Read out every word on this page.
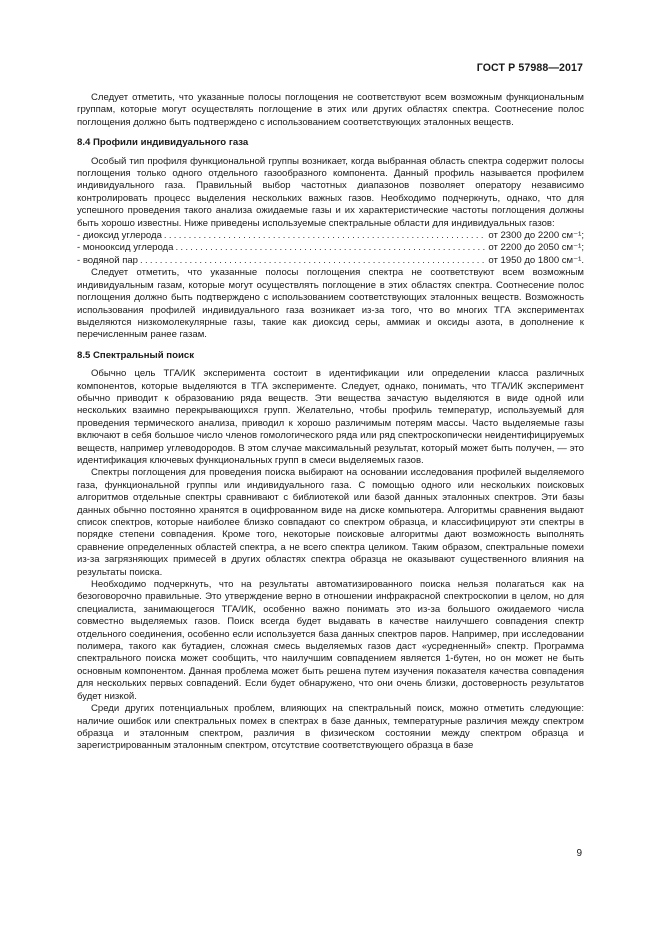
ГОСТ Р 57988—2017

Следует отметить, что указанные полосы поглощения не соответствуют всем возможным функциональным группам, которые могут осуществлять поглощение в этих или других областях спектра. Соотнесение полос поглощения должно быть подтверждено с использованием соответствующих эталонных веществ.

8.4 Профили индивидуального газа

Особый тип профиля функциональной группы возникает, когда выбранная область спектра содержит полосы поглощения только одного отдельного газообразного компонента. Данный профиль называется профилем индивидуального газа. Правильный выбор частотных диапазонов позволяет оператору независимо контролировать процесс выделения нескольких важных газов. Необходимо подчеркнуть, однако, что для успешного проведения такого анализа ожидаемые газы и их характеристические частоты поглощения должны быть хорошо известны. Ниже приведены используемые спектральные области для индивидуальных газов:

- диоксид углерода .....	от 2300 до 2200 см⁻¹;
- монооксид углерода .....	от 2200 до 2050 см⁻¹;
- водяной пар .....	от 1950 до 1800 см⁻¹.

Следует отметить, что указанные полосы поглощения спектра не соответствуют всем возможным индивидуальным газам, которые могут осуществлять поглощение в этих областях спектра. Соотнесение полос поглощения должно быть подтверждено с использованием соответствующих эталонных веществ. Возможность использования профилей индивидуального газа возникает из-за того, что во многих ТГА экспериментах выделяются низкомолекулярные газы, такие как диоксид серы, аммиак и оксиды азота, в дополнение к перечисленным ранее газам.

8.5 Спектральный поиск

Обычно цель ТГА/ИК эксперимента состоит в идентификации или определении класса различных компонентов, которые выделяются в ТГА эксперименте. Следует, однако, понимать, что ТГА/ИК эксперимент обычно приводит к образованию ряда веществ. Эти вещества зачастую выделяются в виде одной или нескольких взаимно перекрывающихся групп. Желательно, чтобы профиль температур, используемый для проведения термического анализа, приводил к хорошо различимым потерям массы. Часто выделяемые газы включают в себя большое число членов гомологического ряда или ряд спектроскопически неидентифицируемых веществ, например углеводородов. В этом случае максимальный результат, который может быть получен, — это идентификация ключевых функциональных групп в смеси выделяемых газов.

Спектры поглощения для проведения поиска выбирают на основании исследования профилей выделяемого газа, функциональной группы или индивидуального газа. С помощью одного или нескольких поисковых алгоритмов отдельные спектры сравнивают с библиотекой или базой данных эталонных спектров. Эти базы данных обычно постоянно хранятся в оцифрованном виде на диске компьютера. Алгоритмы сравнения выдают список спектров, которые наиболее близко совпадают со спектром образца, и классифицируют эти спектры в порядке степени совпадения. Кроме того, некоторые поисковые алгоритмы дают возможность выполнять сравнение определенных областей спектра, а не всего спектра целиком. Таким образом, спектральные помехи из-за загрязняющих примесей в других областях спектра образца не оказывают существенного влияния на результаты поиска.

Необходимо подчеркнуть, что на результаты автоматизированного поиска нельзя полагаться как на безоговорочно правильные. Это утверждение верно в отношении инфракрасной спектроскопии в целом, но для специалиста, занимающегося ТГА/ИК, особенно важно понимать это из-за большого ожидаемого числа совместно выделяемых газов. Поиск всегда будет выдавать в качестве наилучшего совпадения спектр отдельного соединения, особенно если используется база данных спектров паров. Например, при исследовании полимера, такого как бутадиен, сложная смесь выделяемых газов даст «усредненный» спектр. Программа спектрального поиска может сообщить, что наилучшим совпадением является 1-бутен, но он может не быть основным компонентом. Данная проблема может быть решена путем изучения показателя качества совпадения для нескольких первых совпадений. Если будет обнаружено, что они очень близки, достоверность результатов будет низкой.

Среди других потенциальных проблем, влияющих на спектральный поиск, можно отметить следующие: наличие ошибок или спектральных помех в спектрах в базе данных, температурные различия между спектром образца и эталонным спектром, различия в физическом состоянии между спектром образца и зарегистрированным эталонным спектром, отсутствие соответствующего образца в базе

9
